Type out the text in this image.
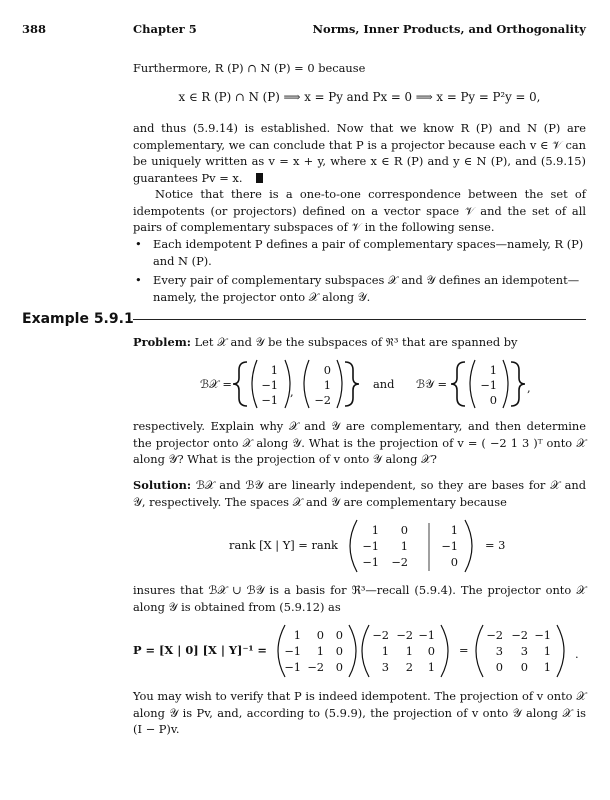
388	Chapter 5	Norms, Inner Products, and Orthogonality
Furthermore, R (P) ∩ N (P) = 0 because
x ∈ R (P) ∩ N (P) ⟹ x = Py and Px = 0 ⟹ x = Py = P²y = 0,
and thus (5.9.14) is established. Now that we know R (P) and N (P) are complementary, we can conclude that P is a projector because each v ∈ 𝒱 can be uniquely written as v = x + y, where x ∈ R (P) and y ∈ N (P), and (5.9.15) guarantees Pv = x.
Notice that there is a one-to-one correspondence between the set of idempotents (or projectors) defined on a vector space 𝒱 and the set of all pairs of complementary subspaces of 𝒱 in the following sense.
• Each idempotent P defines a pair of complementary spaces—namely, R (P) and N (P).
• Every pair of complementary subspaces 𝒳 and 𝒴 defines an idempotent—namely, the projector onto 𝒳 along 𝒴.
Example 5.9.1
Problem: Let 𝒳 and 𝒴 be the subspaces of ℜ³ that are spanned by
ℬ𝒳 =
1
−1
−1
,
0
1
−2
and ℬ𝒴 =
1
−1
0
,
respectively. Explain why 𝒳 and 𝒴 are complementary, and then determine the projector onto 𝒳 along 𝒴. What is the projection of v = ( −2 1 3 )ᵀ onto 𝒳 along 𝒴? What is the projection of v onto 𝒴 along 𝒳?
Solution: ℬ𝒳 and ℬ𝒴 are linearly independent, so they are bases for 𝒳 and 𝒴, respectively. The spaces 𝒳 and 𝒴 are complementary because
rank [X | Y] = rank
1 0	1
−1 1	−1
−1 −2	0
= 3
insures that ℬ𝒳 ∪ ℬ𝒴 is a basis for ℜ³—recall (5.9.4). The projector onto 𝒳 along 𝒴 is obtained from (5.9.12) as
P = [X | 0] [X | Y]⁻¹ =
1 0 0
−1 1 0
−1 −2 0
−2 −2 −1
1 1 0
3 2 1
=
−2 −2 −1
3 3 1
0 0 1
.
You may wish to verify that P is indeed idempotent. The projection of v onto 𝒳 along 𝒴 is Pv, and, according to (5.9.9), the projection of v onto 𝒴 along 𝒳 is (I − P)v.
